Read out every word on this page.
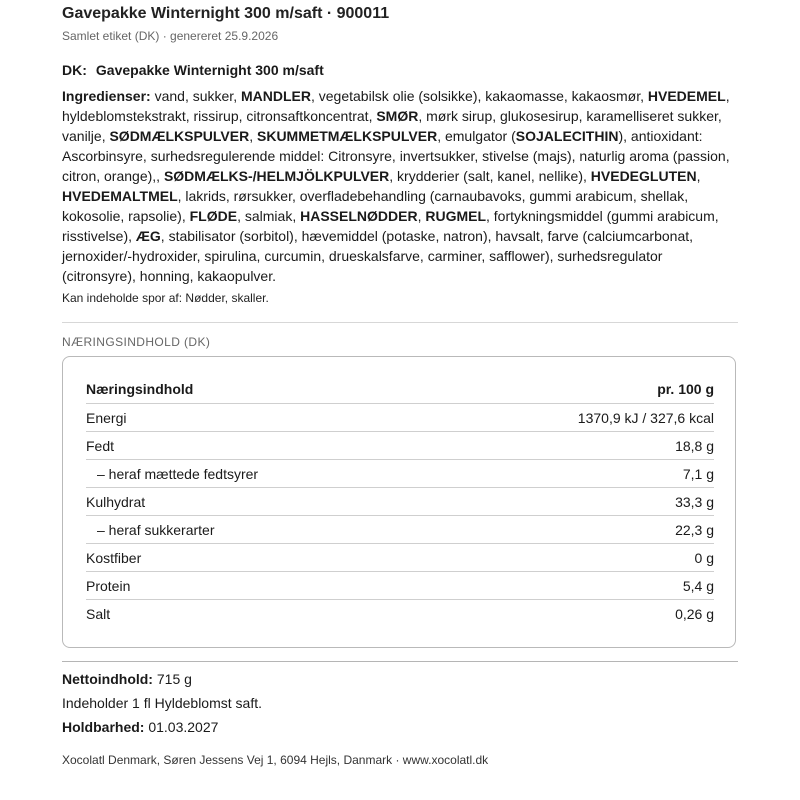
Gavepakke Winternight 300 m/saft · 900011
Samlet etiket (DK) · genereret 25.9.2026
DK: Gavepakke Winternight 300 m/saft
Ingredienser: vand, sukker, MANDLER, vegetabilsk olie (solsikke), kakaomasse, kakaosmør, HVEDEMEL, hyldeblomstekstrakt, rissirup, citronsaftkoncentrat, SMØR, mørk sirup, glukosesirup, karamelliseret sukker, vanilje, SØDMÆLKSPULVER, SKUMMETMÆLKSPULVER, emulgator (SOJALECITHIN), antioxidant: Ascorbinsyre, surhedsregulerende middel: Citronsyre, invertsukker, stivelse (majs), naturlig aroma (passion, citron, orange),, SØDMÆLKS-/HELMJÖLKPULVER, krydderier (salt, kanel, nellike), HVEDEGLUTEN, HVEDEMALTMEL, lakrids, rørsukker, overfladebehandling (carnaubavoks, gummi arabicum, shellak, kokosolie, rapsolie), FLØDE, salmiak, HASSELNØDDER, RUGMEL, fortykningsmiddel (gummi arabicum, risstivelse), ÆG, stabilisator (sorbitol), hævemiddel (potaske, natron), havsalt, farve (calciumcarbonat, jernoxider/-hydroxider, spirulina, curcumin, drueskalsfarve, carminer, safflower), surhedsregulator (citronsyre), honning, kakaopulver.
Kan indeholde spor af: Nødder, skaller.
NÆRINGSINDHOLD (DK)
Næringsindhold	pr. 100 g
Energi	1370,9 kJ / 327,6 kcal
Fedt	18,8 g
– heraf mættede fedtsyrer	7,1 g
Kulhydrat	33,3 g
– heraf sukkerarter	22,3 g
Kostfiber	0 g
Protein	5,4 g
Salt	0,26 g
Nettoindhold: 715 g
Indeholder 1 fl Hyldeblomst saft.
Holdbarhed: 01.03.2027
Xocolatl Denmark, Søren Jessens Vej 1, 6094 Hejls, Danmark · www.xocolatl.dk
